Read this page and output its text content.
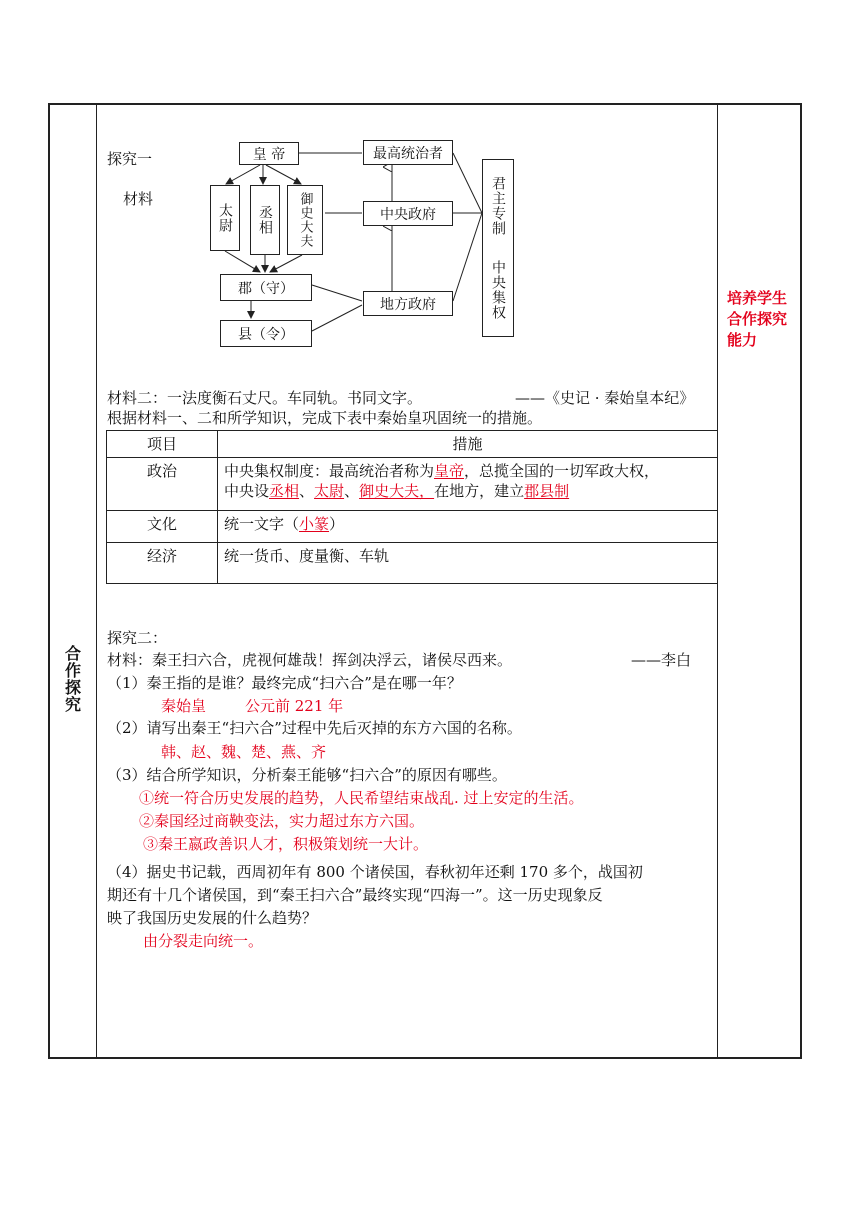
合
作
探
究
培养学生合作探究能力
探究一
材料
皇 帝
太尉	丞相	御史大夫
郡（守）
县（令）
最高统治者
中央政府
地方政府
君主专制
中央集权
材料二：一法度衡石丈尺。车同轨。书同文字。	——《史记 · 秦始皇本纪》
根据材料一、二和所学知识，完成下表中秦始皇巩固统一的措施。
项目	措施
政治	中央集权制度：最高统治者称为皇帝，总揽全国的一切军政大权，
中央设丞相、太尉、御史大夫，在地方，建立郡县制
文化	统一文字（小篆）
经济	统一货币、度量衡、车轨
探究二：
材料：秦王扫六合，虎视何雄哉！挥剑决浮云，诸侯尽西来。	——李白
（1）秦王指的是谁？最终完成“扫六合”是在哪一年？
秦始皇	公元前 221 年
（2）请写出秦王“扫六合”过程中先后灭掉的东方六国的名称。
韩、赵、魏、楚、燕、齐
（3）结合所学知识，分析秦王能够“扫六合”的原因有哪些。
①统一符合历史发展的趋势，人民希望结束战乱. 过上安定的生活。
②秦国经过商鞅变法，实力超过东方六国。
③秦王嬴政善识人才，积极策划统一大计。
（4）据史书记载，西周初年有 800 个诸侯国，春秋初年还剩 170 多个，战国初
期还有十几个诸侯国，到“秦王扫六合”最终实现“四海一”。这一历史现象反
映了我国历史发展的什么趋势？
由分裂走向统一。
